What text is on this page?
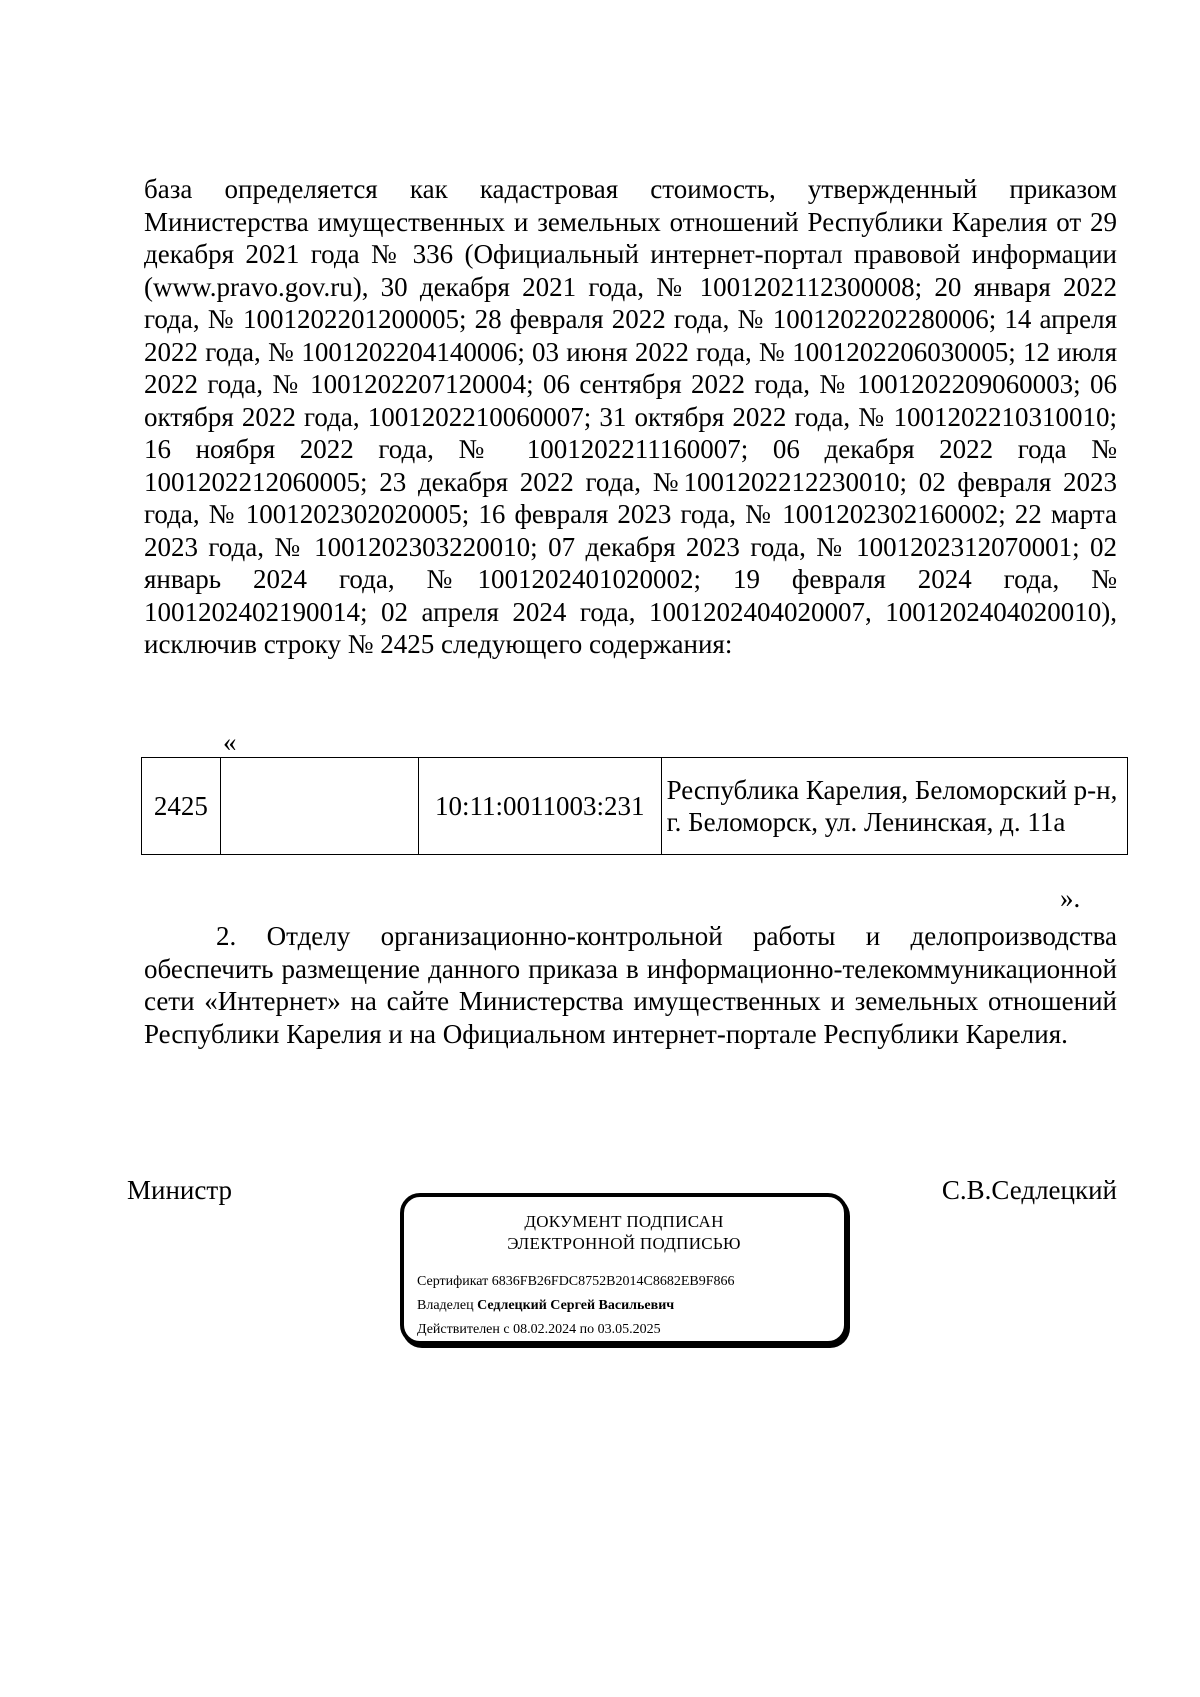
база определяется как кадастровая стоимость, утвержденный приказом Министерства имущественных и земельных отношений Республики Карелия от 29 декабря 2021 года № 336 (Официальный интернет-портал правовой информации (www.pravo.gov.ru), 30 декабря 2021 года, № 1001202112300008; 20 января 2022 года, № 1001202201200005; 28 февраля 2022 года, № 1001202202280006; 14 апреля 2022 года, № 1001202204140006; 03 июня 2022 года, № 1001202206030005; 12 июля 2022 года, № 1001202207120004; 06 сентября 2022 года, № 1001202209060003; 06 октября 2022 года, 1001202210060007; 31 октября 2022 года, № 1001202210310010; 16 ноября 2022 года, № 1001202211160007; 06 декабря 2022 года № 1001202212060005; 23 декабря 2022 года, №1001202212230010; 02 февраля 2023 года, № 1001202302020005; 16 февраля 2023 года, № 1001202302160002; 22 марта 2023 года, № 1001202303220010; 07 декабря 2023 года, № 1001202312070001; 02 январь 2024 года, №1001202401020002; 19 февраля 2024 года, № 1001202402190014; 02 апреля 2024 года, 1001202404020007, 1001202404020010), исключив строку № 2425 следующего содержания:
«
2425		10:11:0011003:231	Республика Карелия, Беломорский р-н, г. Беломорск, ул. Ленинская, д. 11а
».
2. Отделу организационно-контрольной работы и делопроизводства обеспечить размещение данного приказа в информационно-телекоммуникационной сети «Интернет» на сайте Министерства имущественных и земельных отношений Республики Карелия и на Официальном интернет-портале Республики Карелия.
Министр	С.В.Седлецкий
ДОКУМЕНТ ПОДПИСАН
ЭЛЕКТРОННОЙ ПОДПИСЬЮ
Сертификат 6836FB26FDC8752B2014C8682EB9F866
Владелец Седлецкий Сергей Васильевич
Действителен с 08.02.2024 по 03.05.2025
